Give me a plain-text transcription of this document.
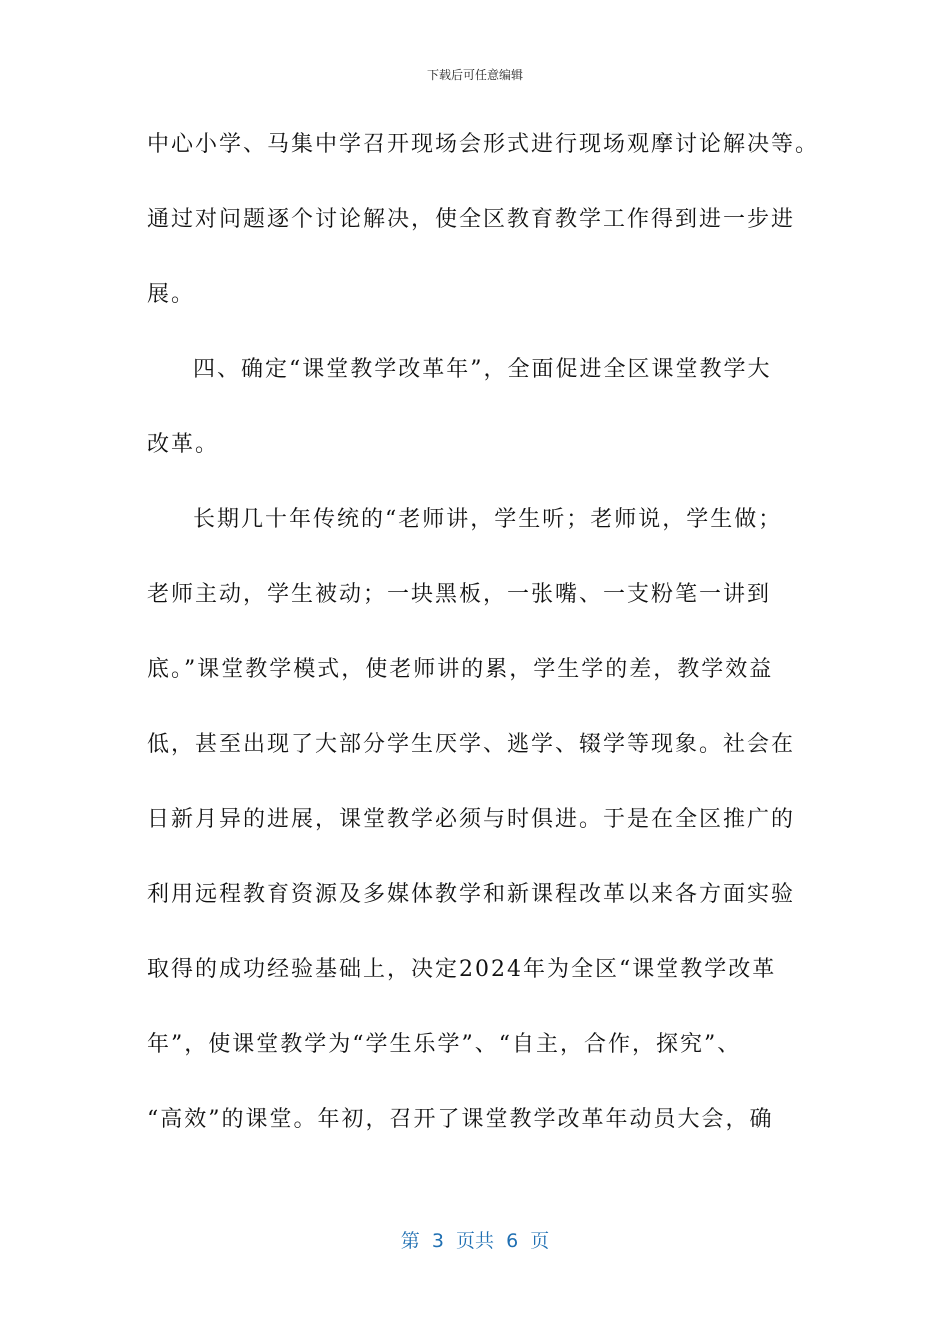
下载后可任意编辑
中心小学、马集中学召开现场会形式进行现场观摩讨论解决等。
通过对问题逐个讨论解决，使全区教育教学工作得到进一步进
展。
四、确定“课堂教学改革年”，全面促进全区课堂教学大
改革。
长期几十年传统的“老师讲，学生听；老师说，学生做；
老师主动，学生被动；一块黑板，一张嘴、一支粉笔一讲到
底。”课堂教学模式，使老师讲的累，学生学的差，教学效益
低，甚至出现了大部分学生厌学、逃学、辍学等现象。社会在
日新月异的进展，课堂教学必须与时俱进。于是在全区推广的
利用远程教育资源及多媒体教学和新课程改革以来各方面实验
取得的成功经验基础上，决定2024年为全区“课堂教学改革
年”，使课堂教学为“学生乐学”、“自主，合作，探究”、
“高效”的课堂。年初，召开了课堂教学改革年动员大会，确
第  3  页共  6  页
